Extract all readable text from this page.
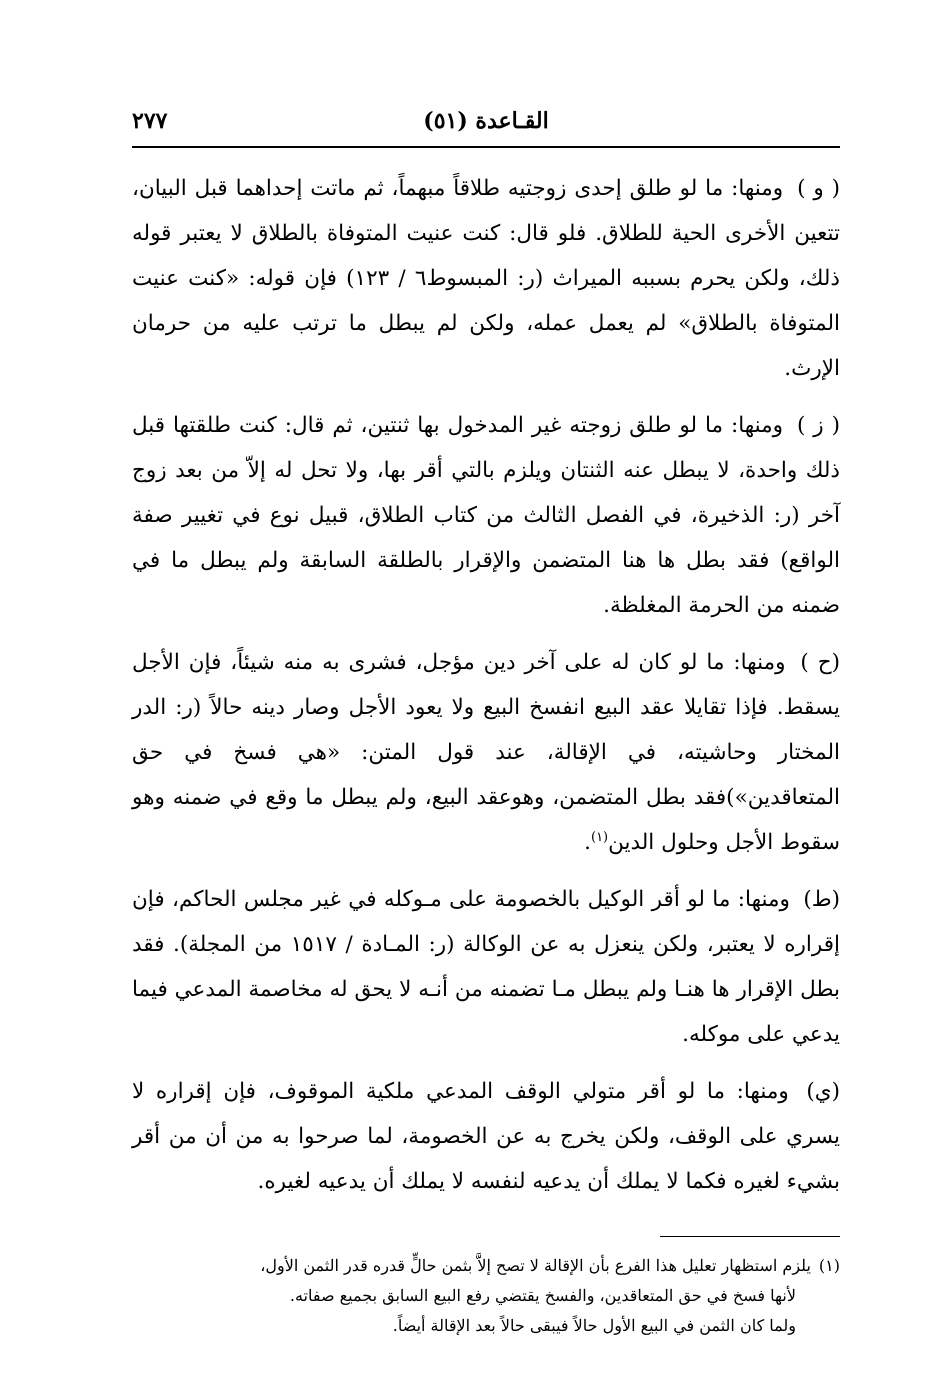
القـاعدة (٥١)
٢٧٧

( و ) ومنها: ما لو طلق إحدى زوجتيه طلاقاً مبهماً، ثم ماتت إحداهما قبل البيان، تتعين الأخرى الحية للطلاق. فلو قال: كنت عنيت المتوفاة بالطلاق لا يعتبر قوله ذلك، ولكن يحرم بسببه الميراث (ر: المبسوط٦ / ١٢٣) فإن قوله: «كنت عنيت المتوفاة بالطلاق» لم يعمل عمله، ولكن لم يبطل ما ترتب عليه من حرمان الإرث.

( ز ) ومنها: ما لو طلق زوجته غير المدخول بها ثنتين، ثم قال: كنت طلقتها قبل ذلك واحدة، لا يبطل عنه الثنتان ويلزم بالتي أقر بها، ولا تحل له إلاّ من بعد زوج آخر (ر: الذخيرة، في الفصل الثالث من كتاب الطلاق، قبيل نوع في تغيير صفة الواقع) فقد بطل ها هنا المتضمن والإقرار بالطلقة السابقة ولم يبطل ما في ضمنه من الحرمة المغلظة.

(ح ) ومنها: ما لو كان له على آخر دين مؤجل، فشرى به منه شيئاً، فإن الأجل يسقط. فإذا تقايلا عقد البيع انفسخ البيع ولا يعود الأجل وصار دينه حالاً (ر: الدر المختار وحاشيته، في الإقالة، عند قول المتن: «هي فسخ في حق المتعاقدين»)فقد بطل المتضمن، وهوعقد البيع، ولم يبطل ما وقع في ضمنه وهو سقوط الأجل وحلول الدين$^{(١)}$.

(ط) ومنها: ما لو أقر الوكيل بالخصومة على مـوكله في غير مجلس الحاكم، فإن إقراره لا يعتبر، ولكن ينعزل به عن الوكالة (ر: المـادة / ١٥١٧ من المجلة). فقد بطل الإقرار ها هنـا ولم يبطل مـا تضمنه من أنـه لا يحق له مخاصمة المدعي فيما يدعي على موكله.

(ي) ومنها: ما لو أقر متولي الوقف المدعي ملكية الموقوف، فإن إقراره لا يسري على الوقف، ولكن يخرج به عن الخصومة، لما صرحوا به من أن من أقر بشيء لغيره فكما لا يملك أن يدعيه لنفسه لا يملك أن يدعيه لغيره.

(١)يلزم استظهار تعليل هذا الفرع بأن الإقالة لا تصح إلاَّ بثمن حالٍّ قدره قدر الثمن الأول،
لأنها فسخ في حق المتعاقدين، والفسخ يقتضي رفع البيع السابق بجميع صفاته.
ولما كان الثمن في البيع الأول حالاً فيبقى حالاً بعد الإقالة أيضاً.
